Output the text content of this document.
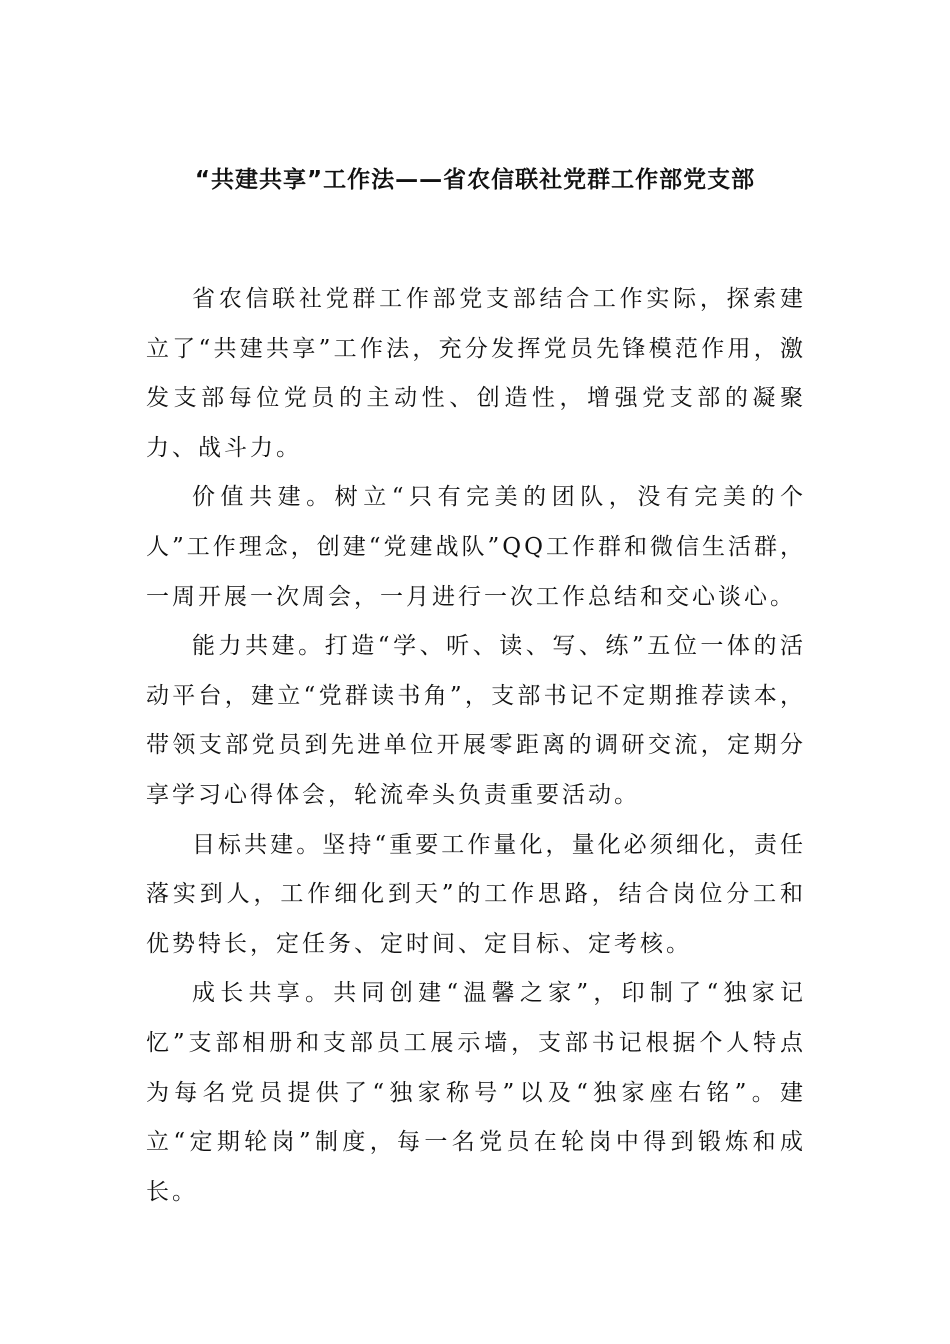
“共建共享”工作法——省农信联社党群工作部党支部

省农信联社党群工作部党支部结合工作实际，探索建立了“共建共享”工作法，充分发挥党员先锋模范作用，激发支部每位党员的主动性、创造性，增强党支部的凝聚力、战斗力。

价值共建。树立“只有完美的团队，没有完美的个人”工作理念，创建“党建战队”QQ工作群和微信生活群，一周开展一次周会，一月进行一次工作总结和交心谈心。

能力共建。打造“学、听、读、写、练”五位一体的活动平台，建立“党群读书角”，支部书记不定期推荐读本，带领支部党员到先进单位开展零距离的调研交流，定期分享学习心得体会，轮流牵头负责重要活动。

目标共建。坚持“重要工作量化，量化必须细化，责任落实到人，工作细化到天”的工作思路，结合岗位分工和优势特长，定任务、定时间、定目标、定考核。

成长共享。共同创建“温馨之家”，印制了“独家记忆”支部相册和支部员工展示墙，支部书记根据个人特点为每名党员提供了“独家称号”以及“独家座右铭”。建立“定期轮岗”制度，每一名党员在轮岗中得到锻炼和成长。
